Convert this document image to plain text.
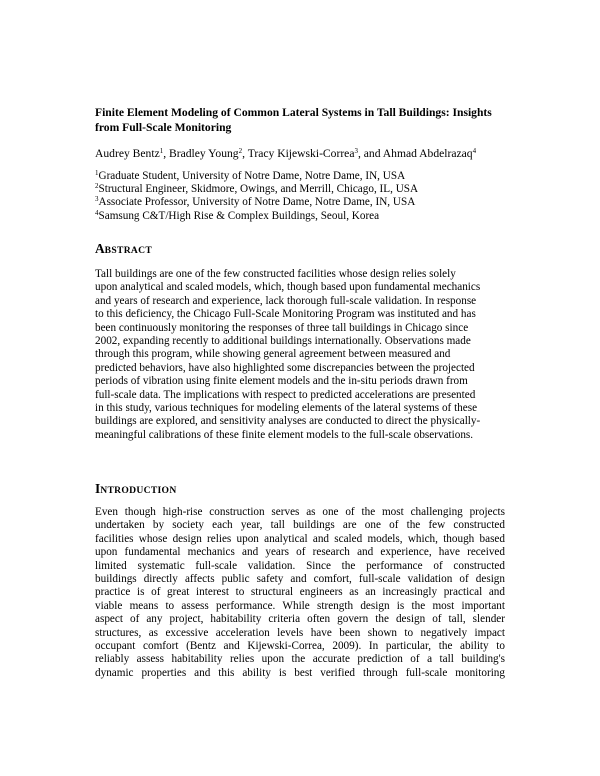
Finite Element Modeling of Common Lateral Systems in Tall Buildings: Insights from Full-Scale Monitoring
Audrey Bentz$^1$, Bradley Young$^2$, Tracy Kijewski-Correa$^3$, and Ahmad Abdelrazaq$^4$
$^1$Graduate Student, University of Notre Dame, Notre Dame, IN, USA
$^2$Structural Engineer, Skidmore, Owings, and Merrill, Chicago, IL, USA
$^3$Associate Professor, University of Notre Dame, Notre Dame, IN, USA
$^4$Samsung C&T/High Rise & Complex Buildings, Seoul, Korea
ABSTRACT
Tall buildings are one of the few constructed facilities whose design relies solely
upon analytical and scaled models, which, though based upon fundamental mechanics
and years of research and experience, lack thorough full-scale validation. In response
to this deficiency, the Chicago Full-Scale Monitoring Program was instituted and has
been continuously monitoring the responses of three tall buildings in Chicago since
2002, expanding recently to additional buildings internationally. Observations made
through this program, while showing general agreement between measured and
predicted behaviors, have also highlighted some discrepancies between the projected
periods of vibration using finite element models and the in-situ periods drawn from
full-scale data. The implications with respect to predicted accelerations are presented
in this study, various techniques for modeling elements of the lateral systems of these
buildings are explored, and sensitivity analyses are conducted to direct the physically-
meaningful calibrations of these finite element models to the full-scale observations.
INTRODUCTION
Even though high-rise construction serves as one of the most challenging projects
undertaken by society each year, tall buildings are one of the few constructed
facilities whose design relies upon analytical and scaled models, which, though based
upon fundamental mechanics and years of research and experience, have received
limited systematic full-scale validation. Since the performance of constructed
buildings directly affects public safety and comfort, full-scale validation of design
practice is of great interest to structural engineers as an increasingly practical and
viable means to assess performance. While strength design is the most important
aspect of any project, habitability criteria often govern the design of tall, slender
structures, as excessive acceleration levels have been shown to negatively impact
occupant comfort (Bentz and Kijewski-Correa, 2009). In particular, the ability to
reliably assess habitability relies upon the accurate prediction of a tall building's
dynamic properties and this ability is best verified through full-scale monitoring
